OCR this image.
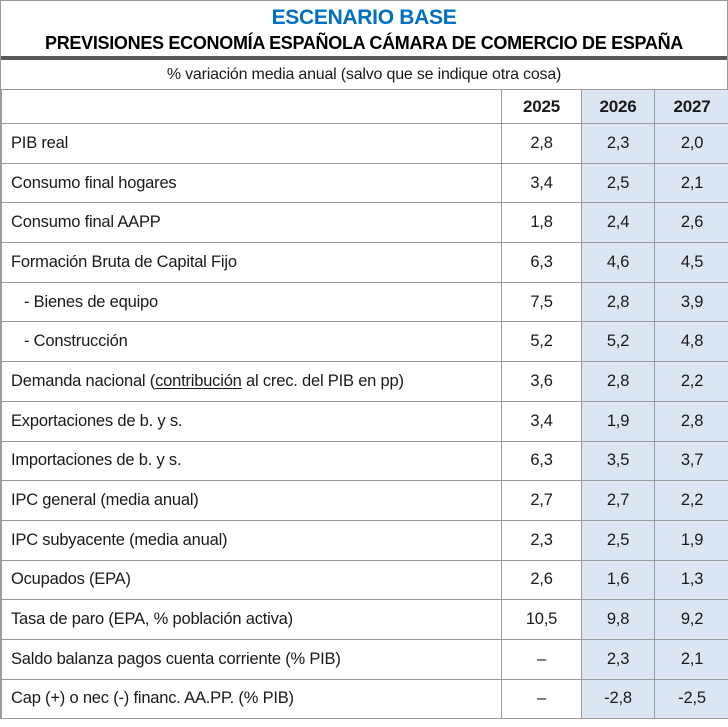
ESCENARIO BASE
PREVISIONES ECONOMÍA ESPAÑOLA CÁMARA DE COMERCIO DE ESPAÑA
% variación media anual (salvo que se indique otra cosa)
	2025	2026	2027
PIB real	2,8	2,3	2,0
Consumo final hogares	3,4	2,5	2,1
Consumo final AAPP	1,8	2,4	2,6
Formación Bruta de Capital Fijo	6,3	4,6	4,5
- Bienes de equipo	7,5	2,8	3,9
- Construcción	5,2	5,2	4,8
Demanda nacional (contribución al crec. del PIB en pp)	3,6	2,8	2,2
Exportaciones de b. y s.	3,4	1,9	2,8
Importaciones de b. y s.	6,3	3,5	3,7
IPC general (media anual)	2,7	2,7	2,2
IPC subyacente (media anual)	2,3	2,5	1,9
Ocupados (EPA)	2,6	1,6	1,3
Tasa de paro (EPA, % población activa)	10,5	9,8	9,2
Saldo balanza pagos cuenta corriente (% PIB)	–	2,3	2,1
Cap (+) o nec (-) financ. AA.PP. (% PIB)	–	-2,8	-2,5
